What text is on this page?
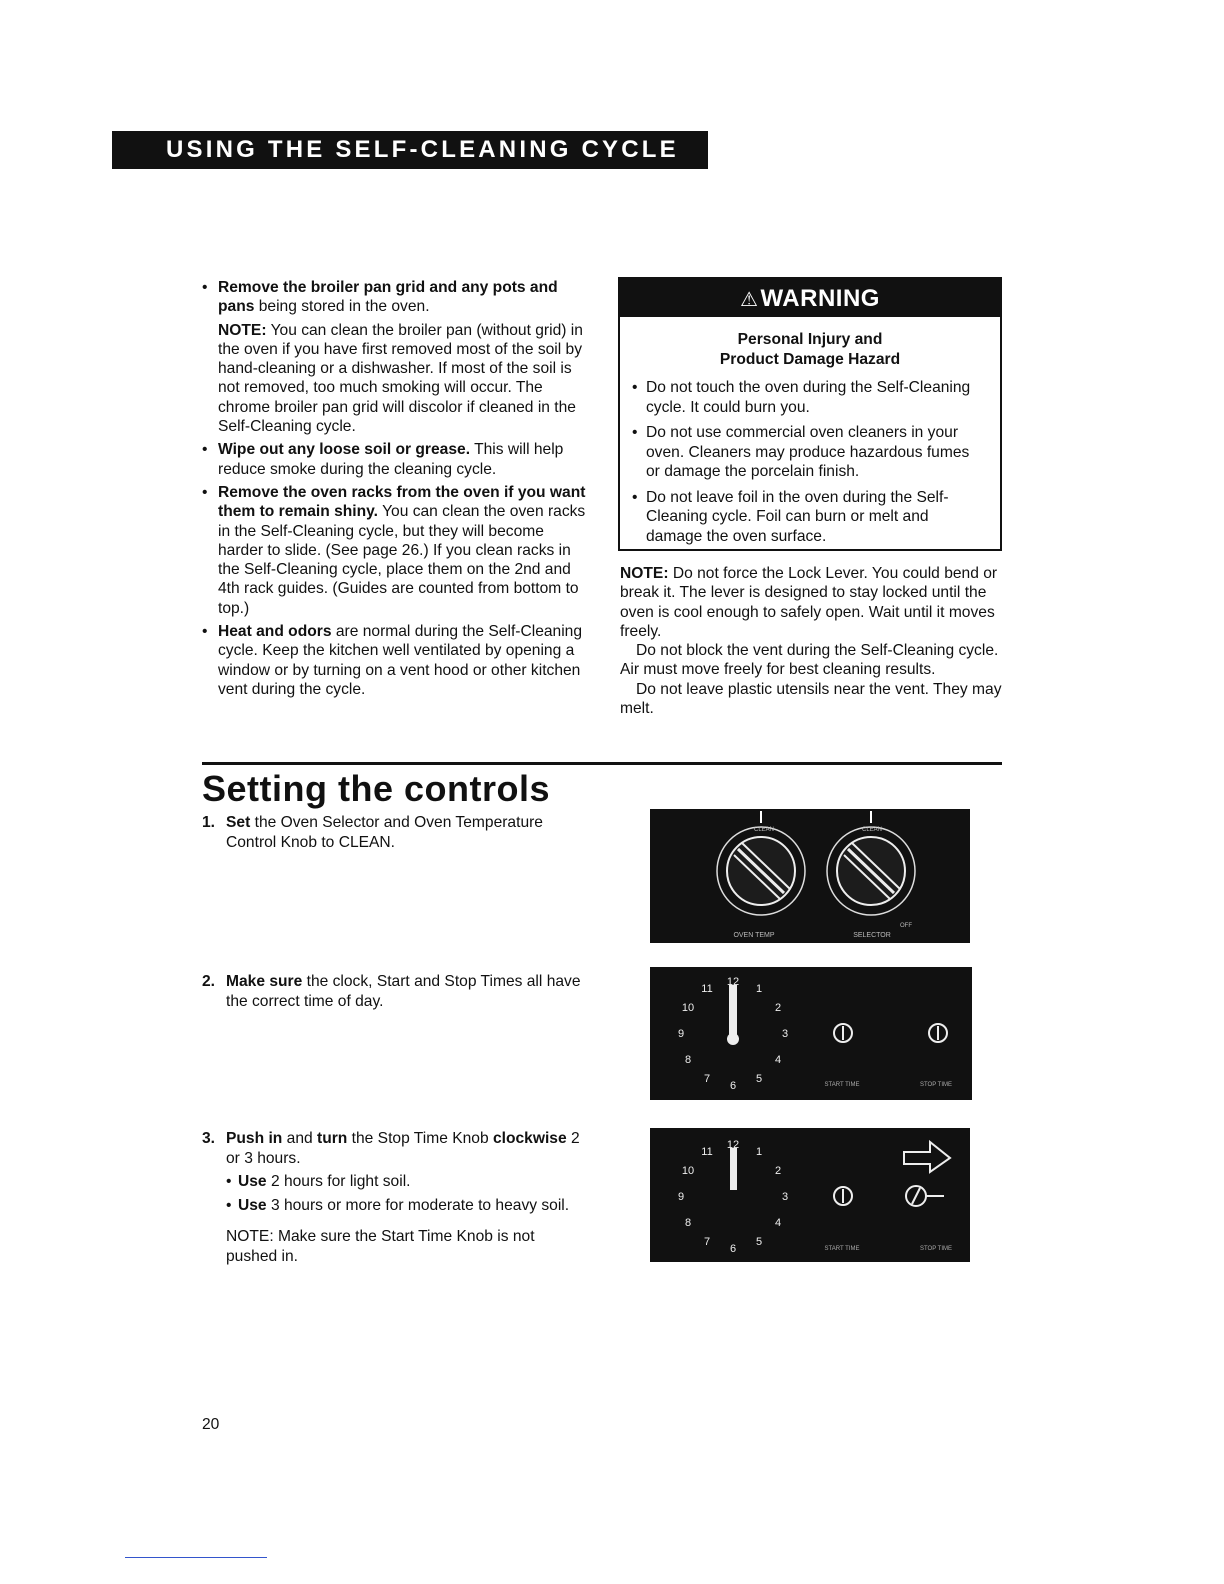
USING THE SELF-CLEANING CYCLE

• Remove the broiler pan grid and any pots and pans being stored in the oven.

NOTE: You can clean the broiler pan (without grid) in the oven if you have first removed most of the soil by hand-cleaning or a dishwasher. If most of the soil is not removed, too much smoking will occur. The chrome broiler pan grid will discolor if cleaned in the Self-Cleaning cycle.

• Wipe out any loose soil or grease. This will help reduce smoke during the cleaning cycle.

• Remove the oven racks from the oven if you want them to remain shiny. You can clean the oven racks in the Self-Cleaning cycle, but they will become harder to slide. (See page 26.) If you clean racks in the Self-Cleaning cycle, place them on the 2nd and 4th rack guides. (Guides are counted from bottom to top.)

• Heat and odors are normal during the Self-Cleaning cycle. Keep the kitchen well ventilated by opening a window or by turning on a vent hood or other kitchen vent during the cycle.

⚠WARNING
Personal Injury and
Product Damage Hazard
• Do not touch the oven during the Self-Cleaning cycle. It could burn you.
• Do not use commercial oven cleaners in your oven. Cleaners may produce hazardous fumes or damage the porcelain finish.
• Do not leave foil in the oven during the Self-Cleaning cycle. Foil can burn or melt and damage the oven surface.

NOTE: Do not force the Lock Lever. You could bend or break it. The lever is designed to stay locked until the oven is cool enough to safely open. Wait until it moves freely.

Do not block the vent during the Self-Cleaning cycle. Air must move freely for best cleaning results.

Do not leave plastic utensils near the vent. They may melt.

Setting the controls
1. Set the Oven Selector and Oven Temperature Control Knob to CLEAN.
2. Make sure the clock, Start and Stop Times all have the correct time of day.
3. Push in and turn the Stop Time Knob clockwise 2 or 3 hours.
• Use 2 hours for light soil.
• Use 3 hours or more for moderate to heavy soil.
NOTE: Make sure the Start Time Knob is not pushed in.
CLEAN	CLEAN
OFF
OVEN TEMP	SELECTOR
START TIME	STOP TIME
12
1
2
3
4
5
6
7
8
9
10
11
START TIME	STOP TIME
12
1
2
3
4
5
6
7
8
9
10
11
20
